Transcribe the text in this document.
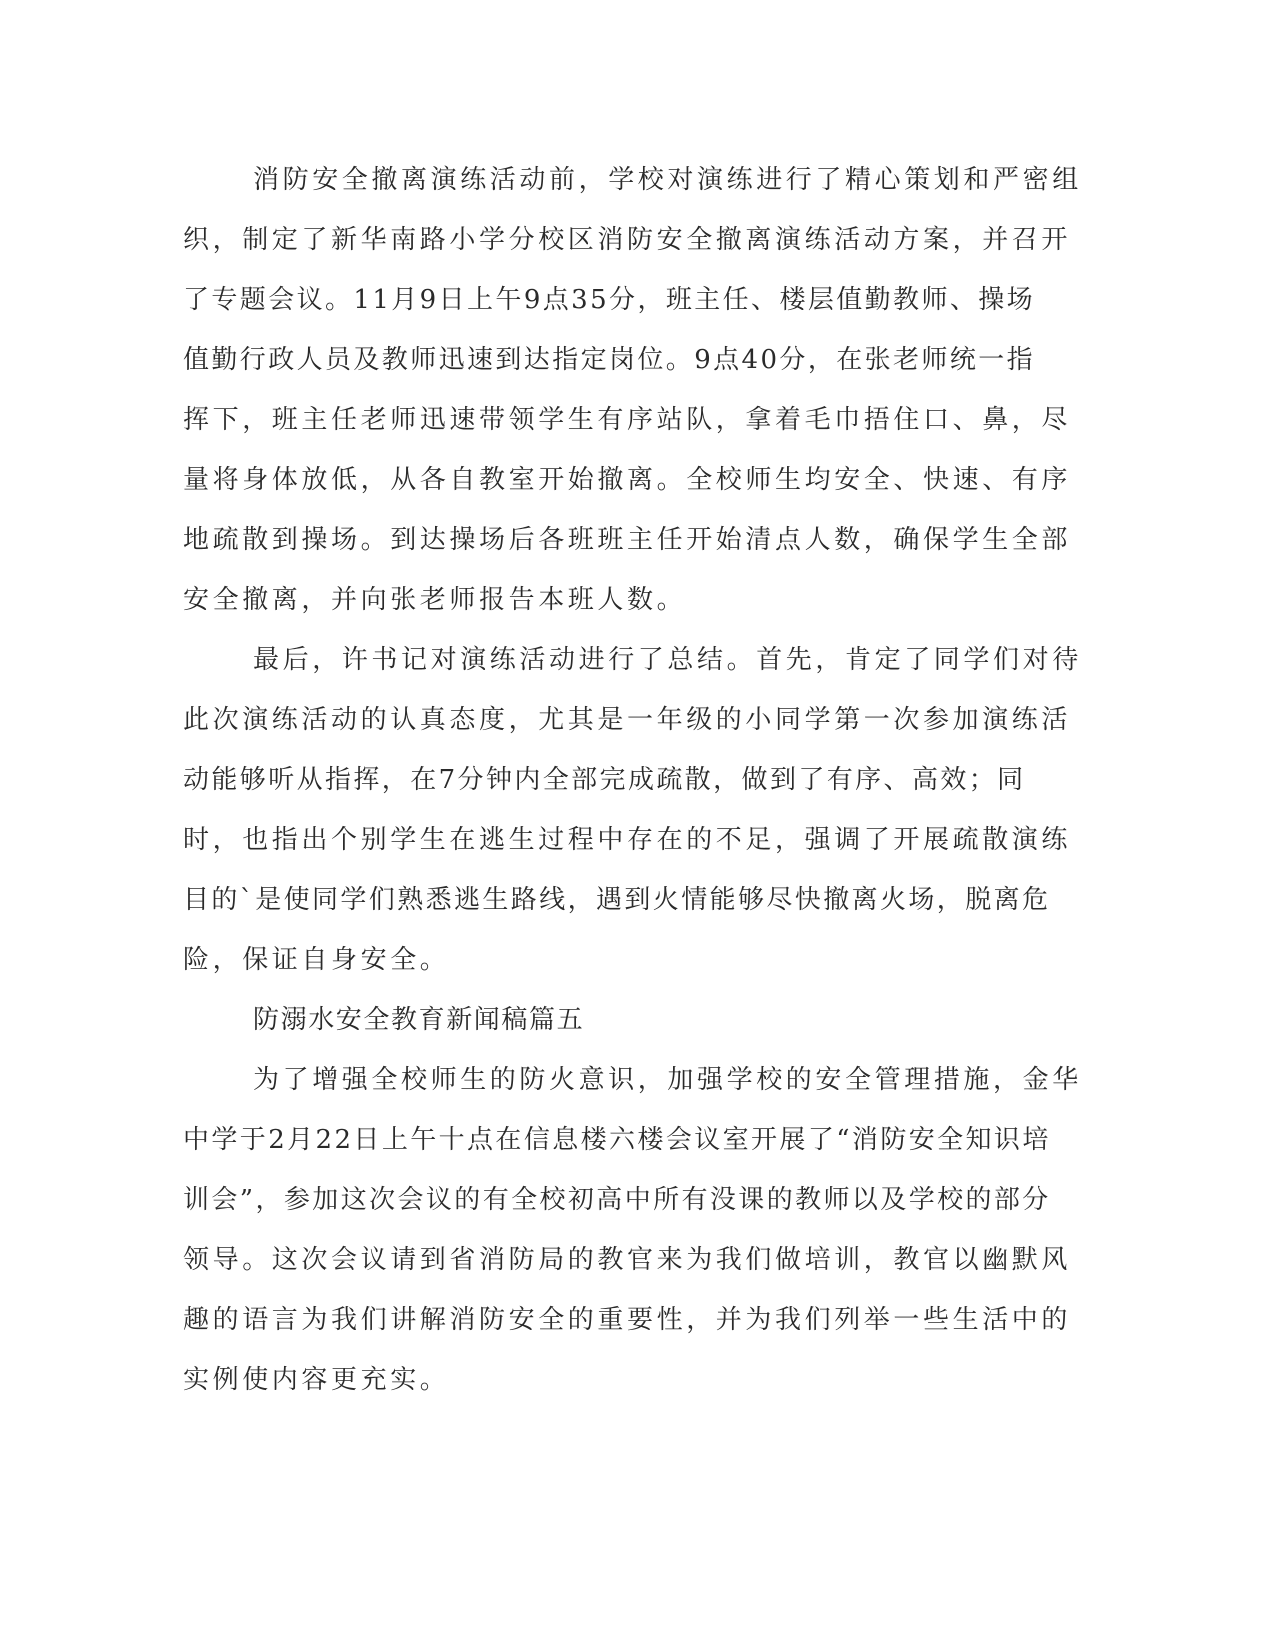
消防安全撤离演练活动前，学校对演练进行了精心策划和严密组
织，制定了新华南路小学分校区消防安全撤离演练活动方案，并召开
了专题会议。11月9日上午9点35分，班主任、楼层值勤教师、操场
值勤行政人员及教师迅速到达指定岗位。9点40分，在张老师统一指
挥下，班主任老师迅速带领学生有序站队，拿着毛巾捂住口、鼻，尽
量将身体放低，从各自教室开始撤离。全校师生均安全、快速、有序
地疏散到操场。到达操场后各班班主任开始清点人数，确保学生全部
安全撤离，并向张老师报告本班人数。
最后，许书记对演练活动进行了总结。首先，肯定了同学们对待
此次演练活动的认真态度，尤其是一年级的小同学第一次参加演练活
动能够听从指挥，在7分钟内全部完成疏散，做到了有序、高效；同
时，也指出个别学生在逃生过程中存在的不足，强调了开展疏散演练
目的`是使同学们熟悉逃生路线，遇到火情能够尽快撤离火场，脱离危
险，保证自身安全。
防溺水安全教育新闻稿篇五
为了增强全校师生的防火意识，加强学校的安全管理措施，金华
中学于2月22日上午十点在信息楼六楼会议室开展了“消防安全知识培
训会”，参加这次会议的有全校初高中所有没课的教师以及学校的部分
领导。这次会议请到省消防局的教官来为我们做培训，教官以幽默风
趣的语言为我们讲解消防安全的重要性，并为我们列举一些生活中的
实例使内容更充实。
